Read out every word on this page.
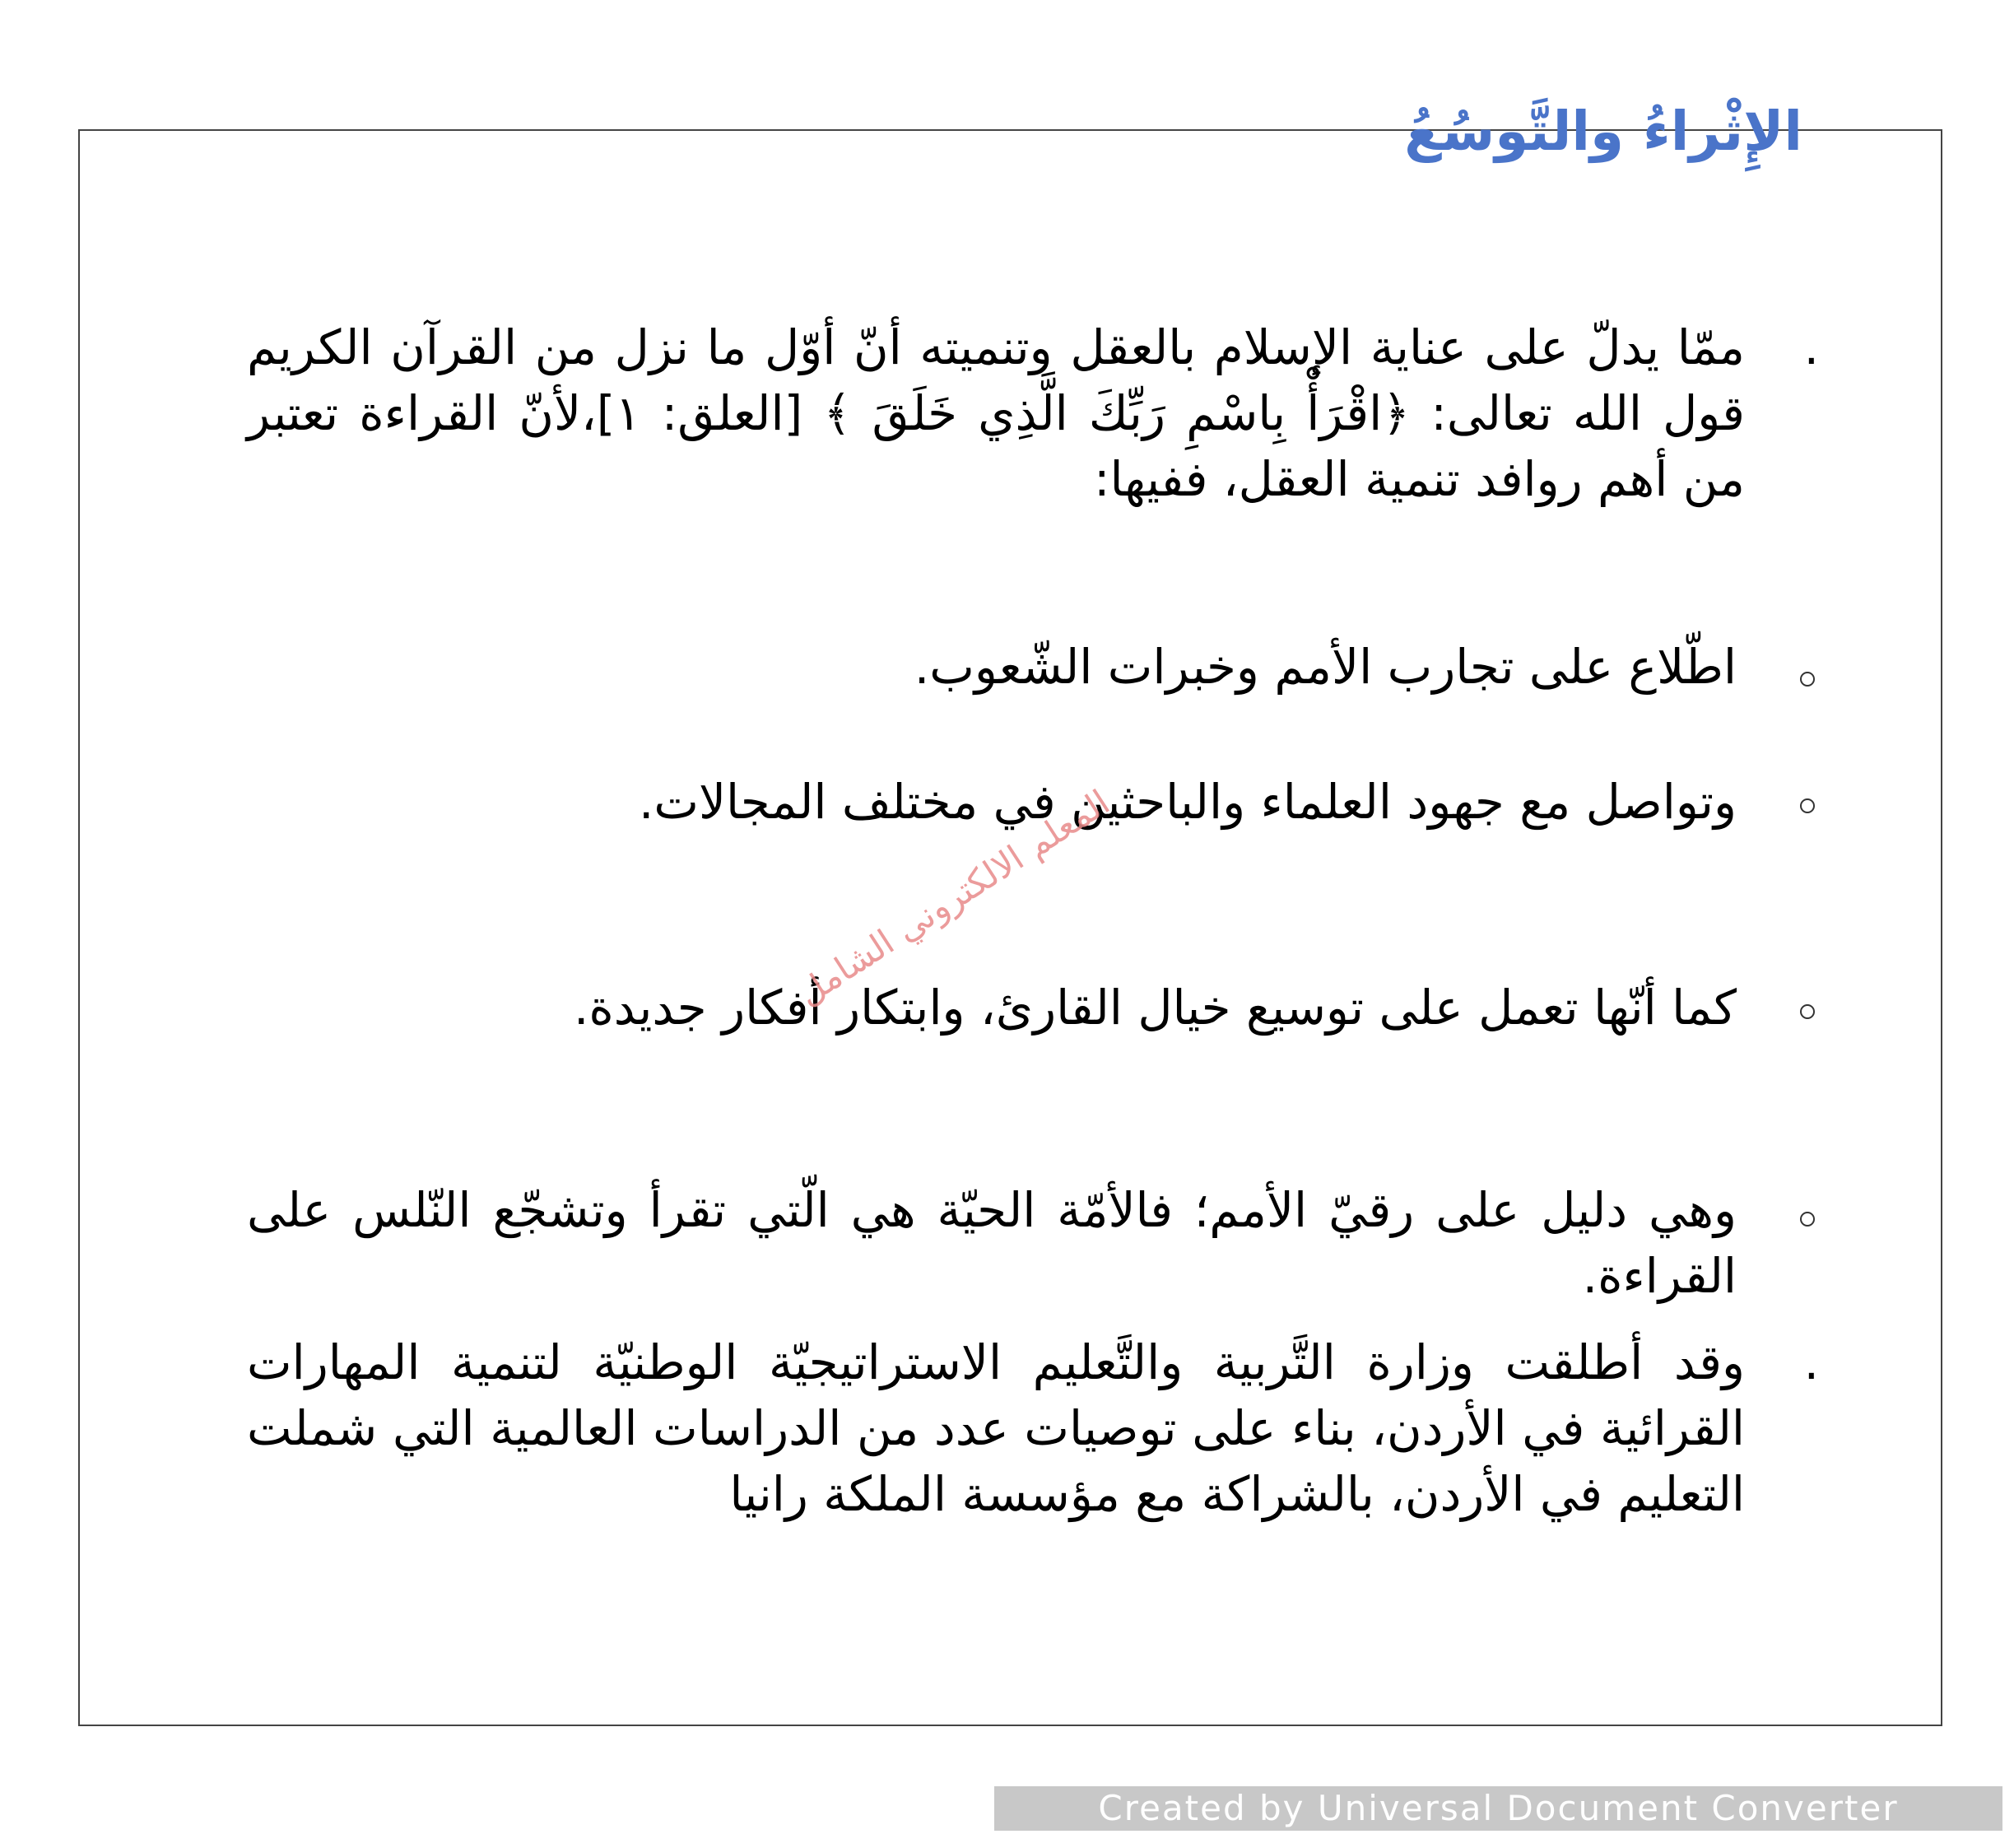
الإِثْراءُ والتَّوسُعُ
.
ممّا يدلّ على عناية الإسلام بالعقل وتنميته أنّ أوّل ما نزل من القرآن الكريم قول الله تعالى: ﴿اقْرَأْ بِاسْمِ رَبِّكَ الَّذِي خَلَقَ ﴾ [العلق: ١]،لأنّ القراءة تعتبر من أهم روافد تنمية العقل، ففيها:
اطّلاع على تجارب الأمم وخبرات الشّعوب.
وتواصل مع جهود العلماء والباحثين في مختلف المجالات.
كما أنّها تعمل على توسيع خيال القارئ، وابتكار أفكار جديدة.
وهي دليل على رقيّ الأمم؛ فالأمّة الحيّة هي الّتي تقرأ وتشجّع النّلس على القراءة.
.
وقد أطلقت وزارة التَّربية والتَّعليم الاستراتيجيّة الوطنيّة لتنمية المهارات القرائية في الأردن، بناء على توصيات عدد من الدراسات العالمية التي شملت التعليم في الأردن، بالشراكة مع مؤسسة الملكة رانيا
المعلم الالكتروني الشامل
Created by Universal Document Converter
